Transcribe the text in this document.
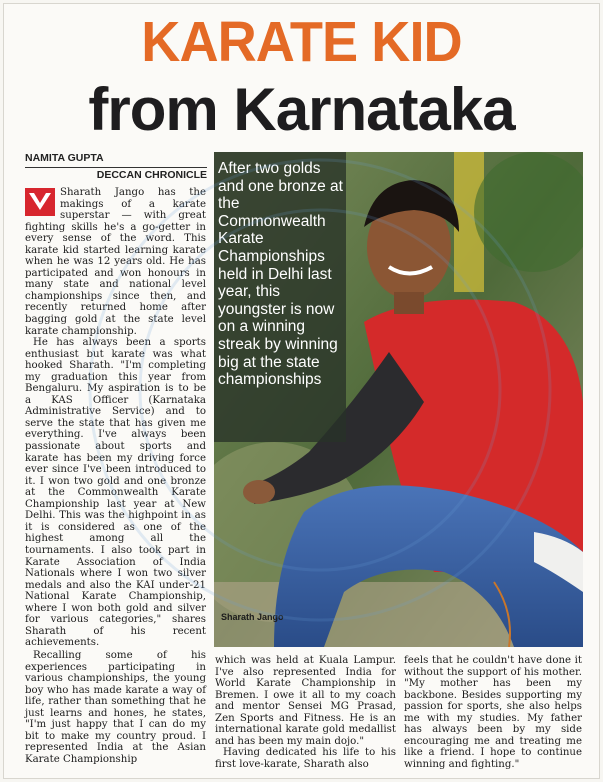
KARATE KID
from Karnataka
NAMITA GUPTA
DECCAN CHRONICLE

Sharath Jango has the makings of a karate superstar — with great fighting skills he's a go-getter in every sense of the word. This karate kid started learning karate when he was 12 years old. He has participated and won honours in many state and national level championships since then, and recently returned home after bagging gold at the state level karate championship.

He has always been a sports enthusiast but karate was what hooked Sharath. "I'm completing my graduation this year from Bengaluru. My aspiration is to be a KAS Officer (Karnataka Administrative Service) and to serve the state that has given me everything. I've always been passionate about sports and karate has been my driving force ever since I've been introduced to it. I won two gold and one bronze at the Commonwealth Karate Championship last year at New Delhi. This was the highpoint in as it is considered as one of the highest among all the tournaments. I also took part in Karate Association of India Nationals where I won two silver medals and also the KAI under-21 National Karate Championship, where I won both gold and silver for various categories," shares Sharath of his recent achievements.

Recalling some of his experiences participating in various championships, the young boy who has made karate a way of life, rather than something that he just learns and hones, he states, "I'm just happy that I can do my bit to make my country proud. I represented India at the Asian Karate Championship

After two golds and one bronze at the Commonwealth Karate Championships held in Delhi last year, this youngster is now on a winning streak by winning big at the state championships
Sharath Jango

which was held at Kuala Lampur. I've also represented India for World Karate Championship in Bremen. I owe it all to my coach and mentor Sensei MG Prasad, Zen Sports and Fitness. He is an international karate gold medallist and has been my main dojo."

Having dedicated his life to his first love-karate, Sharath also

feels that he couldn't have done it without the support of his mother. "My mother has been my backbone. Besides supporting my passion for sports, she also helps me with my studies. My father has always been by my side encouraging me and treating me like a friend. I hope to continue winning and fighting."
